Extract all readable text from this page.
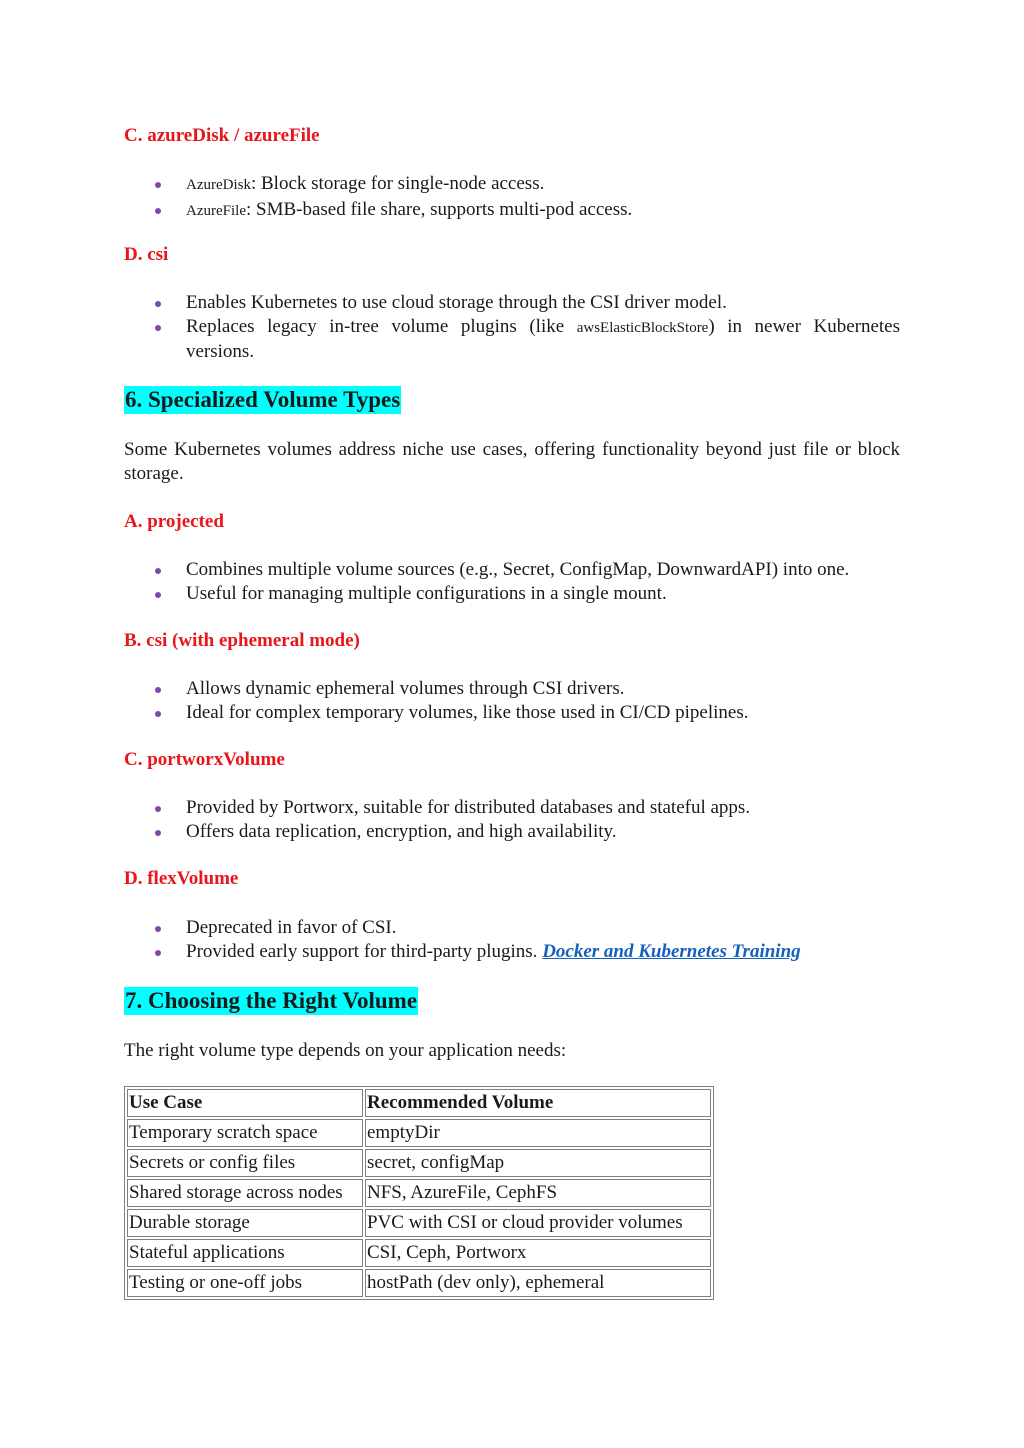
C. azureDisk / azureFile
AzureDisk: Block storage for single-node access.
AzureFile: SMB-based file share, supports multi-pod access.
D. csi
Enables Kubernetes to use cloud storage through the CSI driver model.
Replaces legacy in-tree volume plugins (like awsElasticBlockStore) in newer Kubernetes versions.
6. Specialized Volume Types
Some Kubernetes volumes address niche use cases, offering functionality beyond just file or block storage.
A. projected
Combines multiple volume sources (e.g., Secret, ConfigMap, DownwardAPI) into one.
Useful for managing multiple configurations in a single mount.
B. csi (with ephemeral mode)
Allows dynamic ephemeral volumes through CSI drivers.
Ideal for complex temporary volumes, like those used in CI/CD pipelines.
C. portworxVolume
Provided by Portworx, suitable for distributed databases and stateful apps.
Offers data replication, encryption, and high availability.
D. flexVolume
Deprecated in favor of CSI.
Provided early support for third-party plugins. Docker and Kubernetes Training
7. Choosing the Right Volume
The right volume type depends on your application needs:
Use Case	Recommended Volume
Temporary scratch space	emptyDir
Secrets or config files	secret, configMap
Shared storage across nodes	NFS, AzureFile, CephFS
Durable storage	PVC with CSI or cloud provider volumes
Stateful applications	CSI, Ceph, Portworx
Testing or one-off jobs	hostPath (dev only), ephemeral
